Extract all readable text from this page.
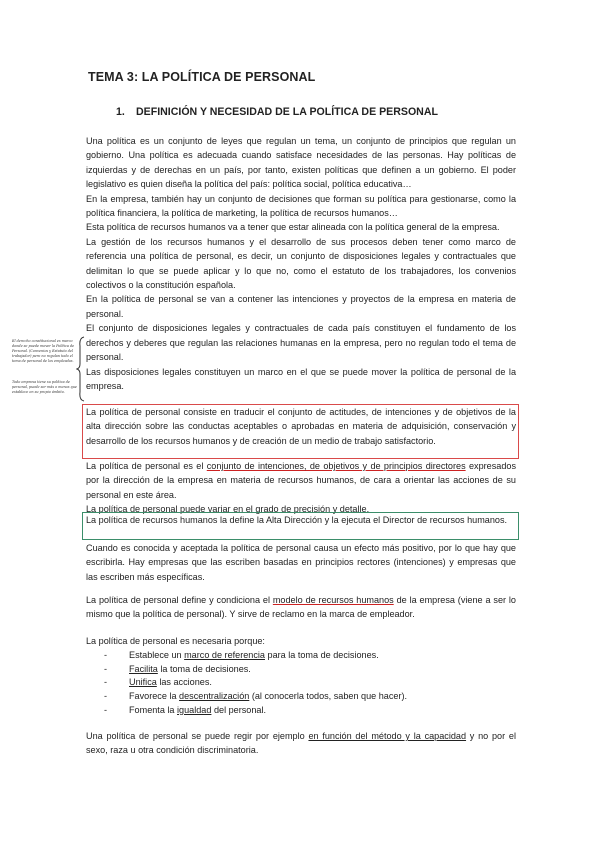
TEMA 3: LA POLÍTICA DE PERSONAL
1. DEFINICIÓN Y NECESIDAD DE LA POLÍTICA DE PERSONAL

Una política es un conjunto de leyes que regulan un tema, un conjunto de principios que regulan un gobierno. Una política es adecuada cuando satisface necesidades de las personas. Hay políticas de izquierdas y de derechas en un país, por tanto, existen políticas que definen a un gobierno. El poder legislativo es quien diseña la política del país: política social, política educativa…

En la empresa, también hay un conjunto de decisiones que forman su política para gestionarse, como la política financiera, la política de marketing, la política de recursos humanos…

Esta política de recursos humanos va a tener que estar alineada con la política general de la empresa.

La gestión de los recursos humanos y el desarrollo de sus procesos deben tener como marco de referencia una política de personal, es decir, un conjunto de disposiciones legales y contractuales que delimitan lo que se puede aplicar y lo que no, como el estatuto de los trabajadores, los convenios colectivos o la constitución española.

En la política de personal se van a contener las intenciones y proyectos de la empresa en materia de personal.

El conjunto de disposiciones legales y contractuales de cada país constituyen el fundamento de los derechos y deberes que regulan las relaciones humanas en la empresa, pero no regulan todo el tema de personal.

Las disposiciones legales constituyen un marco en el que se puede mover la política de personal de la empresa.

La política de personal consiste en traducir el conjunto de actitudes, de intenciones y de objetivos de la alta dirección sobre las conductas aceptables o aprobadas en materia de adquisición, conservación y desarrollo de los recursos humanos y de creación de un medio de trabajo satisfactorio.

La política de personal es el conjunto de intenciones, de objetivos y de principios directores expresados por la dirección de la empresa en materia de recursos humanos, de cara a orientar las acciones de su personal en este área.

La política de personal puede variar en el grado de precisión y detalle.

La política de recursos humanos la define la Alta Dirección y la ejecuta el Director de recursos humanos.

Cuando es conocida y aceptada la política de personal causa un efecto más positivo, por lo que hay que escribirla. Hay empresas que las escriben basadas en principios rectores (intenciones) y empresas que las escriben más específicas.

La política de personal define y condiciona el modelo de recursos humanos de la empresa (viene a ser lo mismo que la política de personal). Y sirve de reclamo en la marca de empleador.

La política de personal es necesaria porque:

- Establece un marco de referencia para la toma de decisiones.
- Facilita la toma de decisiones.
- Unifica las acciones.
- Favorece la descentralización (al conocerla todos, saben que hacer).
- Fomenta la igualdad del personal.

Una política de personal se puede regir por ejemplo en función del método y la capacidad y no por el sexo, raza u otra condición discriminatoria.

El derecho constitucional es marco donde se puede mover la Política de Personal. (Convenios y Estatuto del trabajador) pero no regulan todo el tema de personal de los empleados.
Todo empresa tiene su política de personal, puede ser más o menos que establece en su propio ámbito.
